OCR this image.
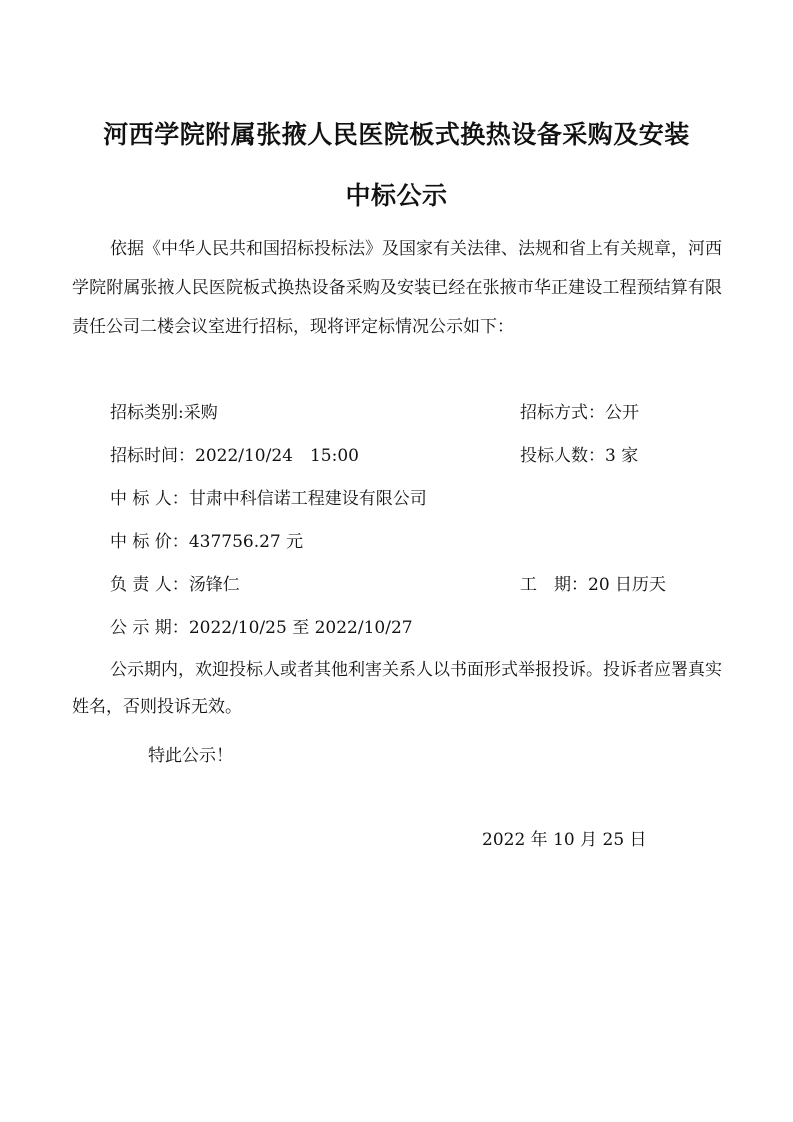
河西学院附属张掖人民医院板式换热设备采购及安装
中标公示

依据《中华人民共和国招标投标法》及国家有关法律、法规和省上有关规章，河西学院附属张掖人民医院板式换热设备采购及安装已经在张掖市华正建设工程预结算有限责任公司二楼会议室进行招标，现将评定标情况公示如下：

招标类别:采购	招标方式：公开
招标时间：2022/10/24　15:00	投标人数：3 家
中 标 人：甘肃中科信诺工程建设有限公司
中 标 价：437756.27 元
负 责 人：汤锋仁	工　期：20 日历天
公 示 期：2022/10/25 至 2022/10/27

公示期内，欢迎投标人或者其他利害关系人以书面形式举报投诉。投诉者应署真实姓名，否则投诉无效。

特此公示！

2022 年 10 月 25 日
